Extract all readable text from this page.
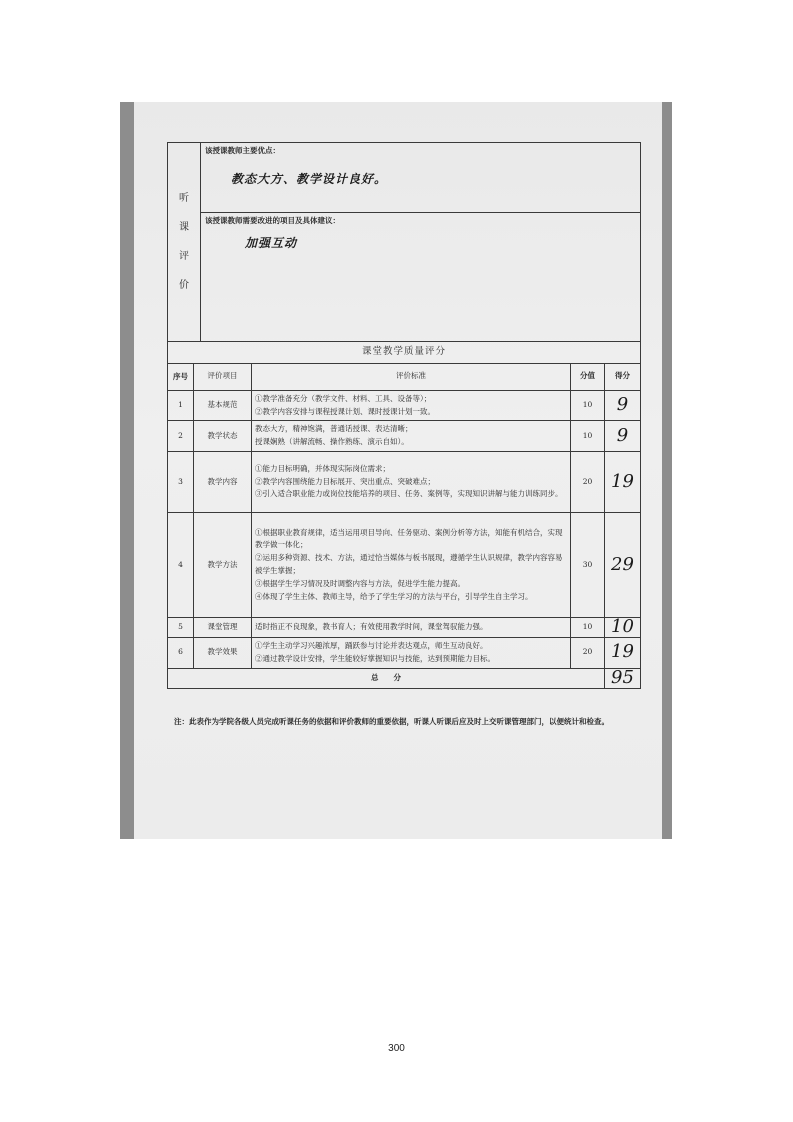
听
课
评
价

该授课教师主要优点：
教态大方、教学设计良好。

该授课教师需要改进的项目及具体建议：
加强互动
课堂教学质量评分				
序号	评价项目	评价标准	分值	得分
1	基本规范	①教学准备充分（教学文件、材料、工具、设备等）；
②教学内容安排与课程授课计划、课时授课计划一致。	10	9
2	教学状态	教态大方，精神饱满，普通话授课、表达清晰；
授课娴熟（讲解流畅、操作熟练、演示自如）。	10	9
3	教学内容	①能力目标明确，并体现实际岗位需求；
②教学内容围绕能力目标展开、突出重点、突破难点；
③引入适合职业能力或岗位技能培养的项目、任务、案例等，实现知识讲解与能力训练同步。	20	19
4	教学方法	①根据职业教育规律，适当运用项目导向、任务驱动、案例分析等方法，知能有机结合，实现教学做一体化；
②运用多种资源、技术、方法，通过恰当媒体与板书展现，遵循学生认识规律，教学内容容易被学生掌握；
③根据学生学习情况及时调整内容与方法，促进学生能力提高。
④体现了学生主体、教师主导，给予了学生学习的方法与平台，引导学生自主学习。	30	29
5	课堂管理	适时指正不良现象，教书育人；有效使用教学时间，课堂驾驭能力强。	10	10
6	教学效果	①学生主动学习兴趣浓厚，踊跃参与讨论并表达观点，师生互动良好。
②通过教学设计安排，学生能较好掌握知识与技能，达到预期能力目标。	20	19
总　　分				95
注：此表作为学院各级人员完成听课任务的依据和评价教师的重要依据，听课人听课后应及时上交听课管理部门，以便统计和检查。
300
